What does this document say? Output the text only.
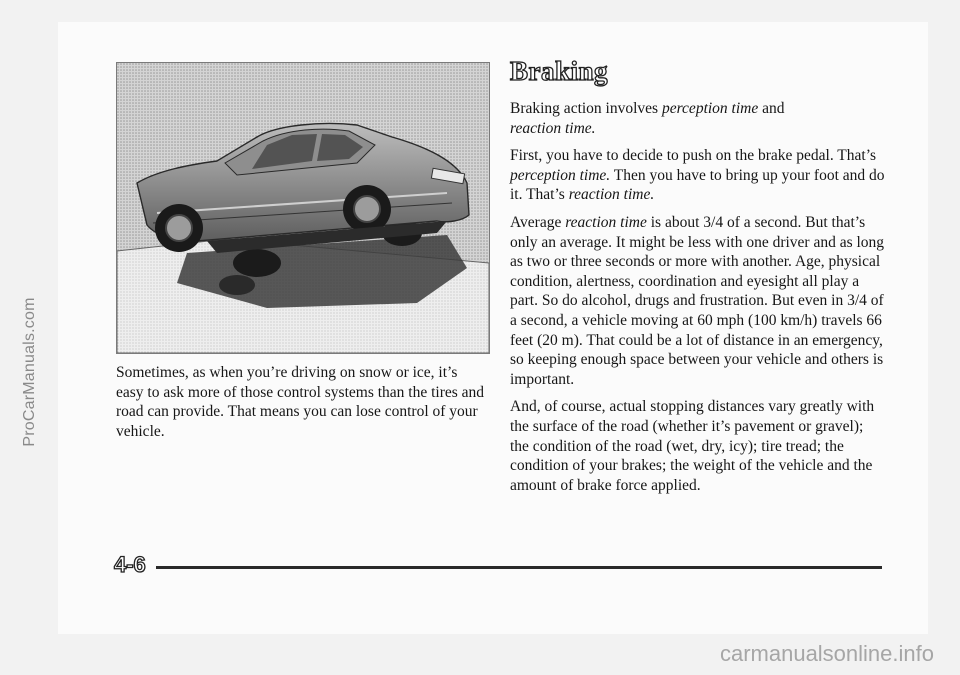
ProCarManuals.com	Sometimes, as when you’re driving on snow or ice, it’s easy to ask more of those control systems than the tires and road can provide. That means you can lose control of your vehicle.

Braking

Braking action involves perception time and
reaction time.

First, you have to decide to push on the brake pedal. That’s perception time. Then you have to bring up your foot and do it. That’s reaction time.

Average reaction time is about 3/4 of a second. But that’s only an average. It might be less with one driver and as long as two or three seconds or more with another. Age, physical condition, alertness, coordination and eyesight all play a part. So do alcohol, drugs and frustration. But even in 3/4 of a second, a vehicle moving at 60 mph (100 km/h) travels 66 feet (20 m). That could be a lot of distance in an emergency, so keeping enough space between your vehicle and others is important.

And, of course, actual stopping distances vary greatly with the surface of the road (whether it’s pavement or gravel); the condition of the road (wet, dry, icy); tire tread; the condition of your brakes; the weight of the vehicle and the amount of brake force applied.

4-6

carmanualsonline.info
